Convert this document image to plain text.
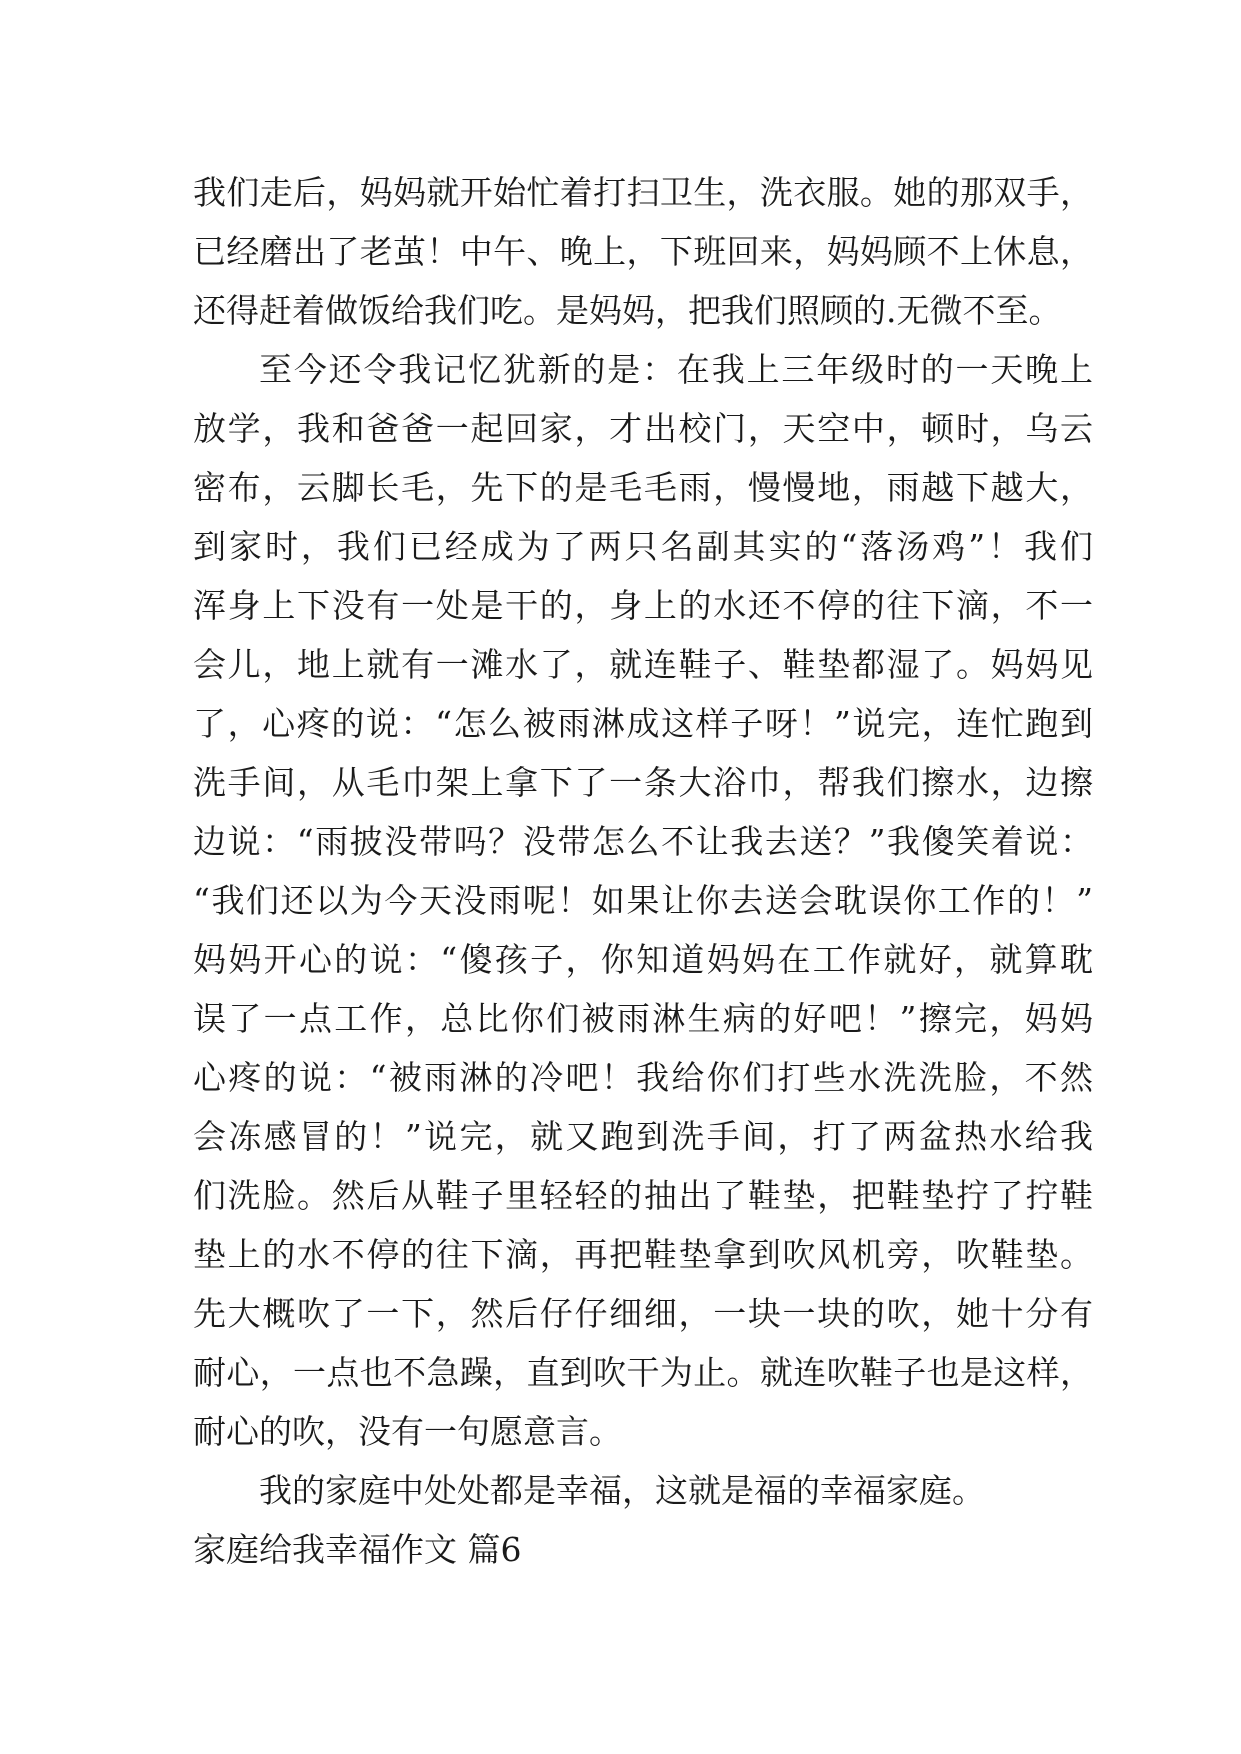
我们走后，妈妈就开始忙着打扫卫生，洗衣服。她的那双手，
已经磨出了老茧！中午、晚上，下班回来，妈妈顾不上休息，
还得赶着做饭给我们吃。是妈妈，把我们照顾的.无微不至。
至今还令我记忆犹新的是：在我上三年级时的一天晚上
放学，我和爸爸一起回家，才出校门，天空中，顿时，乌云
密布，云脚长毛，先下的是毛毛雨，慢慢地，雨越下越大，
到家时，我们已经成为了两只名副其实的“落汤鸡”！我们
浑身上下没有一处是干的，身上的水还不停的往下滴，不一
会儿，地上就有一滩水了，就连鞋子、鞋垫都湿了。妈妈见
了，心疼的说：“怎么被雨淋成这样子呀！”说完，连忙跑到
洗手间，从毛巾架上拿下了一条大浴巾，帮我们擦水，边擦
边说：“雨披没带吗？没带怎么不让我去送？”我傻笑着说：
“我们还以为今天没雨呢！如果让你去送会耽误你工作的！”
妈妈开心的说：“傻孩子，你知道妈妈在工作就好，就算耽
误了一点工作，总比你们被雨淋生病的好吧！”擦完，妈妈
心疼的说：“被雨淋的冷吧！我给你们打些水洗洗脸，不然
会冻感冒的！”说完，就又跑到洗手间，打了两盆热水给我
们洗脸。然后从鞋子里轻轻的抽出了鞋垫，把鞋垫拧了拧鞋
垫上的水不停的往下滴，再把鞋垫拿到吹风机旁，吹鞋垫。
先大概吹了一下，然后仔仔细细，一块一块的吹，她十分有
耐心，一点也不急躁，直到吹干为止。就连吹鞋子也是这样，
耐心的吹，没有一句愿意言。
我的家庭中处处都是幸福，这就是福的幸福家庭。
家庭给我幸福作文 篇6
